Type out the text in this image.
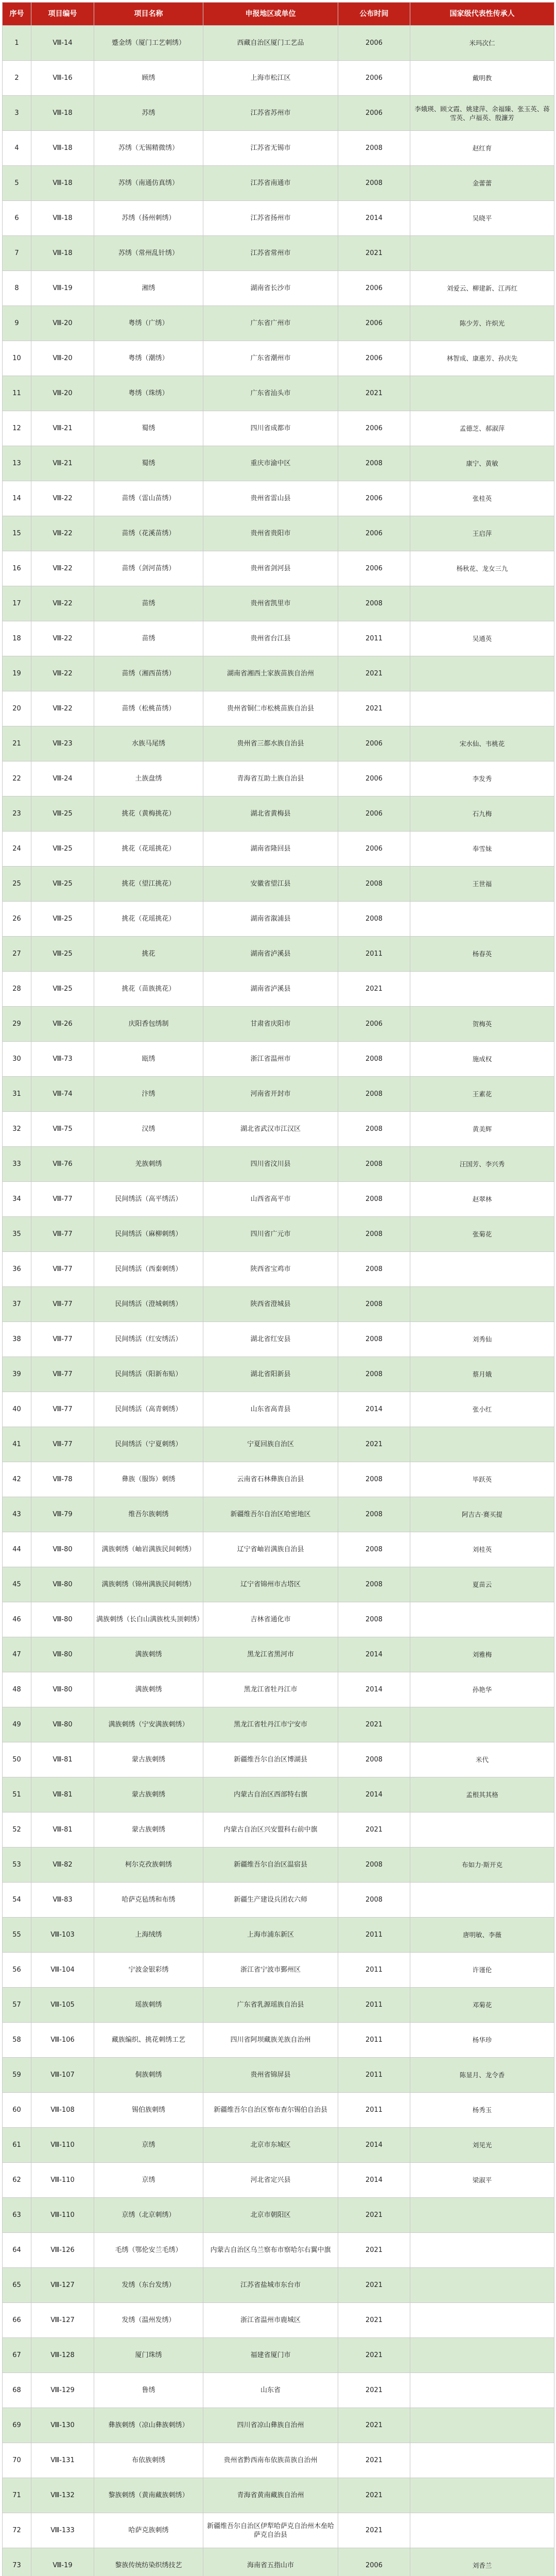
序号	项目编号	项目名称	申报地区或单位	公布时间	国家级代表性传承人
1	Ⅷ-14	蹙金绣（厦门工艺刺绣）	西藏自治区厦门工艺品	2006	米玛次仁
2	Ⅷ-16	顾绣	上海市松江区	2006	戴明教
3	Ⅷ-18	苏绣	江苏省苏州市	2006	李娥瑛、顾文霞、姚建萍、余福臻、张玉英、蒋雪英、卢福英、殷濂芳
4	Ⅷ-18	苏绣（无锡精微绣）	江苏省无锡市	2008	赵红育
5	Ⅷ-18	苏绣（南通仿真绣）	江苏省南通市	2008	金蕾蕾
6	Ⅷ-18	苏绣（扬州刺绣）	江苏省扬州市	2014	吴晓平
7	Ⅷ-18	苏绣（常州乱针绣）	江苏省常州市	2021	
8	Ⅷ-19	湘绣	湖南省长沙市	2006	刘爱云、柳建新、江再红
9	Ⅷ-20	粤绣（广绣）	广东省广州市	2006	陈少芳、许炽光
10	Ⅷ-20	粤绣（潮绣）	广东省潮州市	2006	林智成、康惠芳、孙庆先
11	Ⅷ-20	粤绣（珠绣）	广东省汕头市	2021	
12	Ⅷ-21	蜀绣	四川省成都市	2006	孟德芝、郝淑萍
13	Ⅷ-21	蜀绣	重庆市渝中区	2008	康宁、黄敏
14	Ⅷ-22	苗绣（雷山苗绣）	贵州省雷山县	2006	张桂英
15	Ⅷ-22	苗绣（花溪苗绣）	贵州省贵阳市	2006	王启萍
16	Ⅷ-22	苗绣（剑河苗绣）	贵州省剑河县	2006	杨秋花、龙女三九
17	Ⅷ-22	苗绣	贵州省凯里市	2008	
18	Ⅷ-22	苗绣	贵州省台江县	2011	吴通英
19	Ⅷ-22	苗绣（湘西苗绣）	湖南省湘西土家族苗族自治州	2021	
20	Ⅷ-22	苗绣（松桃苗绣）	贵州省铜仁市松桃苗族自治县	2021	
21	Ⅷ-23	水族马尾绣	贵州省三都水族自治县	2006	宋水仙、韦桃花
22	Ⅷ-24	土族盘绣	青海省互助土族自治县	2006	李发秀
23	Ⅷ-25	挑花（黄梅挑花）	湖北省黄梅县	2006	石九梅
24	Ⅷ-25	挑花（花瑶挑花）	湖南省隆回县	2006	奉雪妹
25	Ⅷ-25	挑花（望江挑花）	安徽省望江县	2008	王世福
26	Ⅷ-25	挑花（花瑶挑花）	湖南省溆浦县	2008	
27	Ⅷ-25	挑花	湖南省泸溪县	2011	杨春英
28	Ⅷ-25	挑花（苗族挑花）	湖南省泸溪县	2021	
29	Ⅷ-26	庆阳香包绣制	甘肃省庆阳市	2006	贺梅英
30	Ⅷ-73	瓯绣	浙江省温州市	2008	施成权
31	Ⅷ-74	汴绣	河南省开封市	2008	王素花
32	Ⅷ-75	汉绣	湖北省武汉市江汉区	2008	黄美辉
33	Ⅷ-76	羌族刺绣	四川省汶川县	2008	汪国芳、李兴秀
34	Ⅷ-77	民间绣活（高平绣活）	山西省高平市	2008	赵翠林
35	Ⅷ-77	民间绣活（麻柳刺绣）	四川省广元市	2008	张菊花
36	Ⅷ-77	民间绣活（西秦刺绣）	陕西省宝鸡市	2008	
37	Ⅷ-77	民间绣活（澄城刺绣）	陕西省澄城县	2008	
38	Ⅷ-77	民间绣活（红安绣活）	湖北省红安县	2008	刘秀仙
39	Ⅷ-77	民间绣活（阳新布贴）	湖北省阳新县	2008	蔡月娥
40	Ⅷ-77	民间绣活（高青刺绣）	山东省高青县	2014	张小红
41	Ⅷ-77	民间绣活（宁夏刺绣）	宁夏回族自治区	2021	
42	Ⅷ-78	彝族（服饰）刺绣	云南省石林彝族自治县	2008	毕跃英
43	Ⅷ-79	维吾尔族刺绣	新疆维吾尔自治区哈密地区	2008	阿吉古·赛买提
44	Ⅷ-80	满族刺绣（岫岩满族民间刺绣）	辽宁省岫岩满族自治县	2008	刘桂英
45	Ⅷ-80	满族刺绣（锦州满族民间刺绣）	辽宁省锦州市古塔区	2008	夏苗云
46	Ⅷ-80	满族刺绣（长白山满族枕头顶刺绣）	吉林省通化市	2008	
47	Ⅷ-80	满族刺绣	黑龙江省黑河市	2014	刘雅梅
48	Ⅷ-80	满族刺绣	黑龙江省牡丹江市	2014	孙艳华
49	Ⅷ-80	满族刺绣（宁安满族刺绣）	黑龙江省牡丹江市宁安市	2021	
50	Ⅷ-81	蒙古族刺绣	新疆维吾尔自治区博湖县	2008	米代
51	Ⅷ-81	蒙古族刺绣	内蒙古自治区西部特右旗	2014	孟根其其格
52	Ⅷ-81	蒙古族刺绣	内蒙古自治区兴安盟科右前中旗	2021	
53	Ⅷ-82	柯尔克孜族刺绣	新疆维吾尔自治区温宿县	2008	布如力·斯开克
54	Ⅷ-83	哈萨克毡绣和布绣	新疆生产建设兵团农六师	2008	
55	Ⅷ-103	上海绒绣	上海市浦东新区	2011	唐明敏、李薇
56	Ⅷ-104	宁波金银彩绣	浙江省宁波市鄞州区	2011	许谨伦
57	Ⅷ-105	瑶族刺绣	广东省乳源瑶族自治县	2011	邓菊花
58	Ⅷ-106	藏族编织、挑花刺绣工艺	四川省阿坝藏族羌族自治州	2011	杨华珍
59	Ⅷ-107	侗族刺绣	贵州省锦屏县	2011	陈显月、龙令香
60	Ⅷ-108	锡伯族刺绣	新疆维吾尔自治区察布查尔锡伯自治县	2011	杨秀玉
61	Ⅷ-110	京绣	北京市东城区	2014	刘见光
62	Ⅷ-110	京绣	河北省定兴县	2014	梁淑平
63	Ⅷ-110	京绣（北京刺绣）	北京市朝阳区	2021	
64	Ⅷ-126	毛绣（鄂伦安兰毛绣）	内蒙古自治区乌兰察布市察哈尔右翼中旗	2021	
65	Ⅷ-127	发绣（东台发绣）	江苏省盐城市东台市	2021	
66	Ⅷ-127	发绣（温州发绣）	浙江省温州市鹿城区	2021	
67	Ⅷ-128	厦门珠绣	福建省厦门市	2021	
68	Ⅷ-129	鲁绣	山东省	2021	
69	Ⅷ-130	彝族刺绣（凉山彝族刺绣）	四川省凉山彝族自治州	2021	
70	Ⅷ-131	布依族刺绣	贵州省黔西南布依族苗族自治州	2021	
71	Ⅷ-132	黎族刺绣（黄南藏族刺绣）	青海省黄南藏族自治州	2021	
72	Ⅷ-133	哈萨克族刺绣	新疆维吾尔自治区伊犁哈萨克自治州木垒哈萨克自治县	2021	
73	Ⅷ-19	黎族传统纺染织绣技艺	海南省五指山市	2006	刘香兰
